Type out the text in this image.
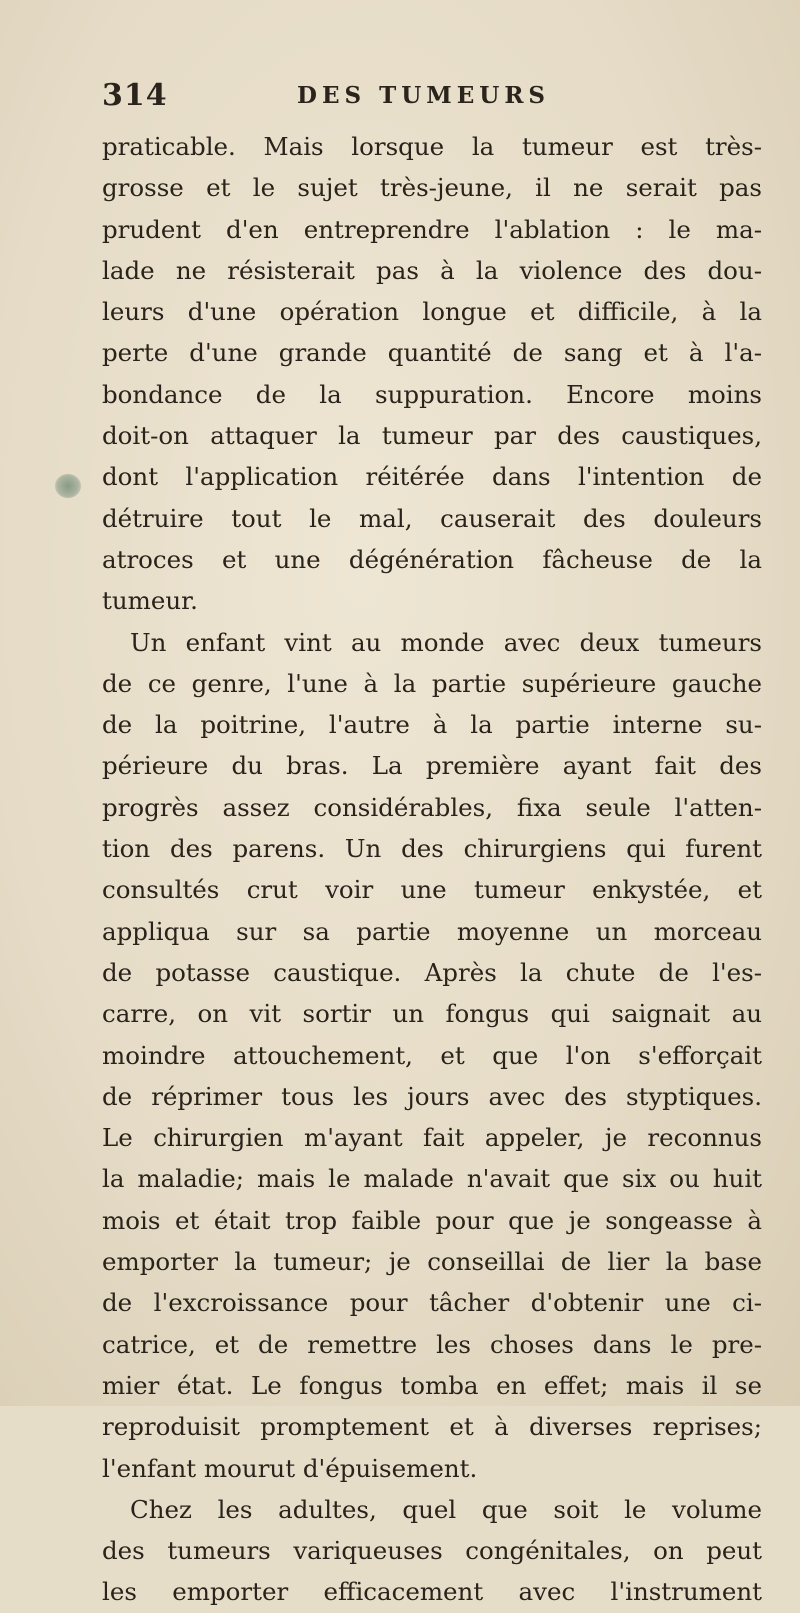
314	DES TUMEURS
praticable. Mais lorsque la tumeur est très-
grosse et le sujet très-jeune, il ne serait pas
prudent d'en entreprendre l'ablation : le ma-
lade ne résisterait pas à la violence des dou-
leurs d'une opération longue et difficile, à la
perte d'une grande quantité de sang et à l'a-
bondance de la suppuration. Encore moins
doit-on attaquer la tumeur par des caustiques,
dont l'application réitérée dans l'intention de
détruire tout le mal, causerait des douleurs
atroces et une dégénération fâcheuse de la
tumeur.
Un enfant vint au monde avec deux tumeurs
de ce genre, l'une à la partie supérieure gauche
de la poitrine, l'autre à la partie interne su-
périeure du bras. La première ayant fait des
progrès assez considérables, fixa seule l'atten-
tion des parens. Un des chirurgiens qui furent
consultés crut voir une tumeur enkystée, et
appliqua sur sa partie moyenne un morceau
de potasse caustique. Après la chute de l'es-
carre, on vit sortir un fongus qui saignait au
moindre attouchement, et que l'on s'efforçait
de réprimer tous les jours avec des styptiques.
Le chirurgien m'ayant fait appeler, je reconnus
la maladie; mais le malade n'avait que six ou huit
mois et était trop faible pour que je songeasse à
emporter la tumeur; je conseillai de lier la base
de l'excroissance pour tâcher d'obtenir une ci-
catrice, et de remettre les choses dans le pre-
mier état. Le fongus tomba en effet; mais il se
reproduisit promptement et à diverses reprises;
l'enfant mourut d'épuisement.
Chez les adultes, quel que soit le volume
des tumeurs variqueuses congénitales, on peut
les emporter efficacement avec l'instrument
